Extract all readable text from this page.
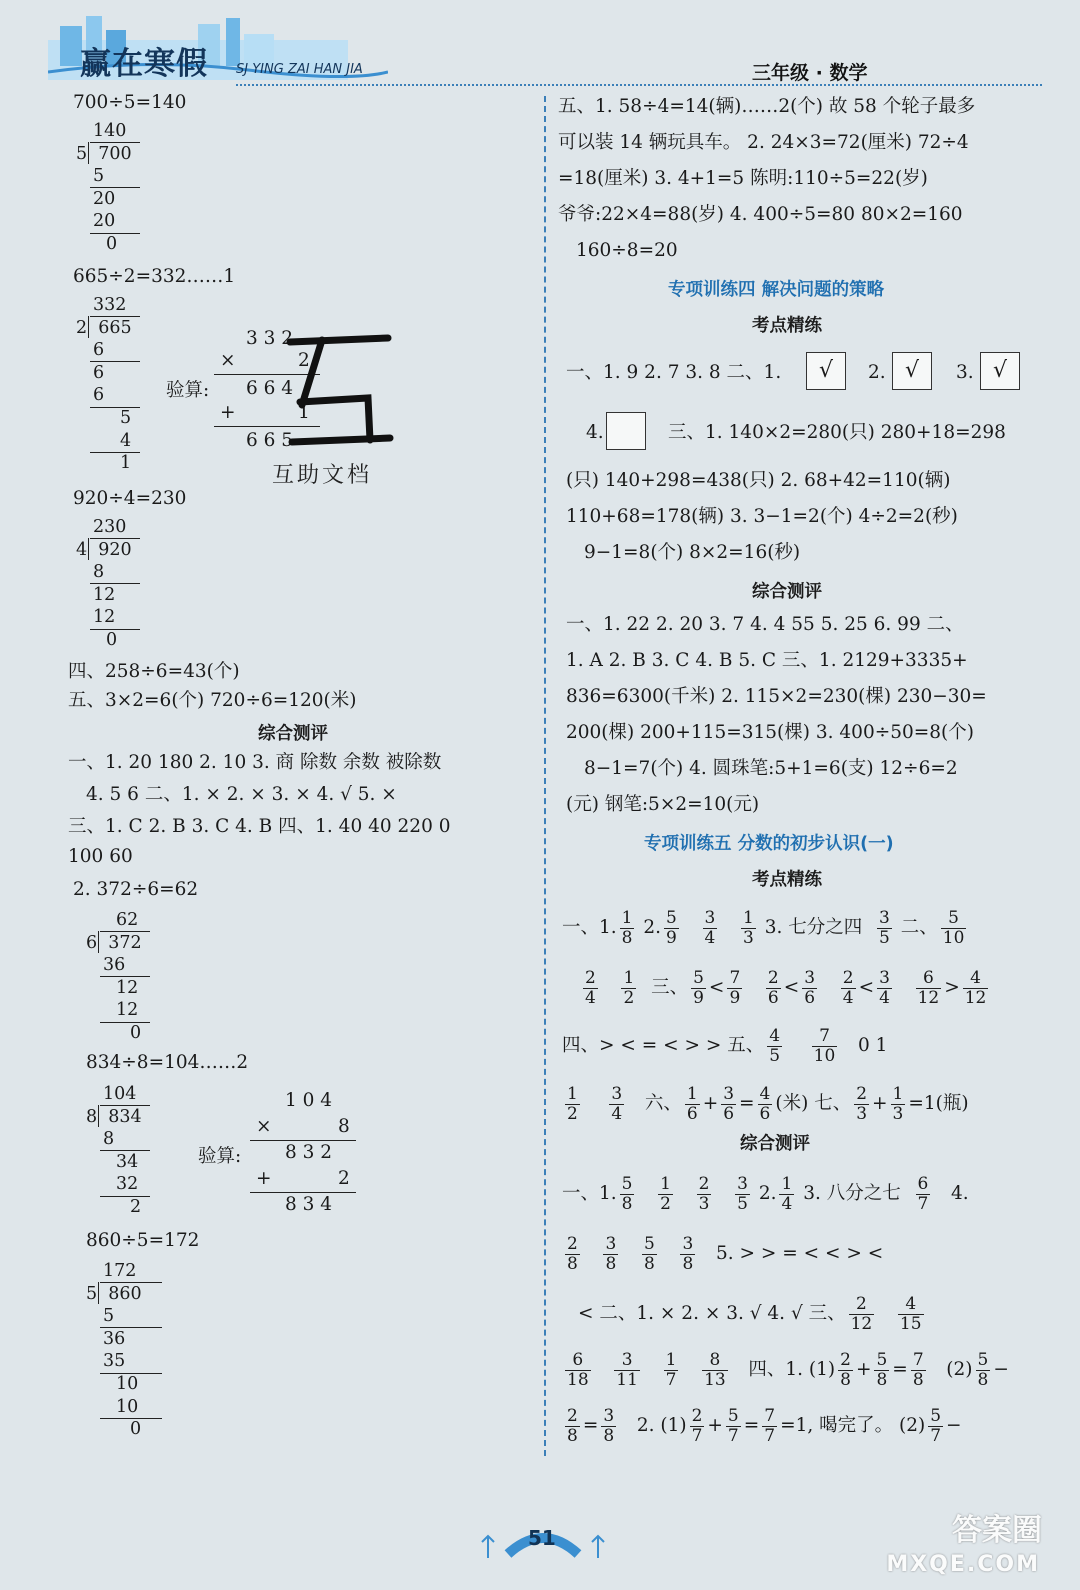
赢在寒假 SJ YING ZAI HAN JIA	三年级 · 数学
700÷5=140
140
5 700
5
20
20
0
665÷2=332……1
332
2 665
6
6
6
5
4
1
验算:
3 3 2
×	2
6 6 4
+	1
6 6 5
互助文档
920÷4=230
230
4 920
8
12
12
0
四、258÷6=43(个)
五、3×2=6(个) 720÷6=120(米)
综合测评
一、1. 20 180 2. 10 3. 商 除数 余数 被除数
4. 5 6 二、1. × 2. × 3. × 4. √ 5. ×
三、1. C 2. B 3. C 4. B 四、1. 40 40 220 0
100 60
2. 372÷6=62
62
6 372
36
12
12
0
834÷8=104……2
104
8 834
8
34
32
2
验算:
1 0 4
×	8
8 3 2
+	2
8 3 4
860÷5=172
172
5 860
5
36
35
10
10
0
五、1. 58÷4=14(辆)……2(个) 故 58 个轮子最多
可以装 14 辆玩具车。 2. 24×3=72(厘米) 72÷4
=18(厘米) 3. 4+1=5 陈明:110÷5=22(岁)
爷爷:22×4=88(岁) 4. 400÷5=80 80×2=160
160÷8=20
专项训练四 解决问题的策略
考点精练
一、1. 9 2. 7 3. 8 二、1.	√	2. √	3. √
4.	三、1. 140×2=280(只) 280+18=298
(只) 140+298=438(只) 2. 68+42=110(辆)
110+68=178(辆) 3. 3−1=2(个) 4÷2=2(秒)
9−1=8(个) 8×2=16(秒)
综合测评
一、1. 22 2. 20 3. 7 4. 4 55 5. 25 6. 99 二、
1. A 2. B 3. C 4. B 5. C 三、1. 2129+3335+
836=6300(千米) 2. 115×2=230(棵) 230−30=
200(棵) 200+115=315(棵) 3. 400÷50=8(个)
8−1=7(个) 4. 圆珠笔:5+1=6(支) 12÷6=2
(元) 钢笔:5×2=10(元)
专项训练五 分数的初步认识(一)
考点精练
一、1. $\frac{1}{8} 2$. $\frac{5}{9}$
$\frac{3}{4}$
$\frac{1}{3} 3$. 七分之四 $\frac{3}{5}$ 二、 $\frac{5}{10}$
$\frac{2}{4}$
$\frac{1}{2}$ 三、 $\frac{5}{9} < \frac{7}{9}$
$\frac{2}{6} < \frac{3}{6}$
$\frac{2}{4} < \frac{3}{4}$
$\frac{6}{12} > \frac{4}{12}$
四、> < = < > > 五、 $\frac{4}{5}$
$\frac{7}{10} 0$ 1
$\frac{1}{2}$
$\frac{3}{4}$ 六、 $\frac{1}{6} + \frac{3}{6} = \frac{4}{6}$ (米) 七、 $\frac{2}{3} + \frac{1}{3} =1$(瓶)
综合测评
一、1. $\frac{5}{8}$
$\frac{1}{2}$
$\frac{2}{3}$
$\frac{3}{5} 2$. $\frac{1}{4} 3$. 八分之七 $\frac{6}{7} 4$.
$\frac{2}{8}$
$\frac{3}{8}$
$\frac{5}{8}$
$\frac{3}{8} 5$. > > = < < > <
< 二、1. × 2. × 3. √ 4. √ 三、 $\frac{2}{12}$
$\frac{4}{15}$
$\frac{6}{18}$
$\frac{3}{11}$
$\frac{1}{7}$
$\frac{8}{13}$ 四、1. $(1) \frac{2}{8} + \frac{5}{8} = \frac{7}{8} (2) \frac{5}{8}$ −
$\frac{2}{8} = \frac{3}{8} 2$. $(1) \frac{2}{7} + \frac{5}{7} = \frac{7}{7} =1$, 喝完了。 $(2) \frac{5}{7}$ −
51	答案圈
MXQE.COM
